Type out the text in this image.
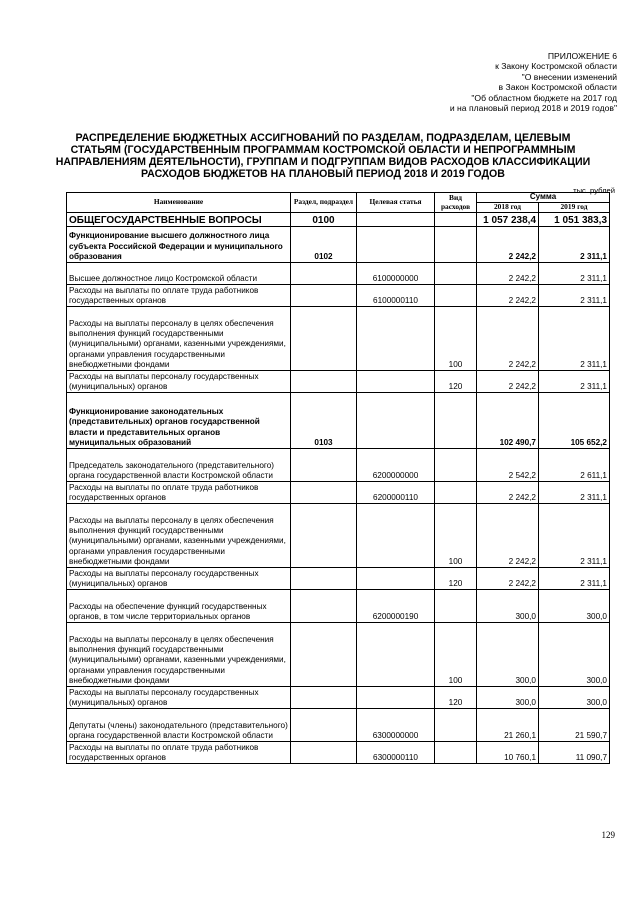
ПРИЛОЖЕНИЕ 6
к Закону Костромской области
"О внесении изменений
в Закон Костромской области
"Об областном бюджете на 2017 год
и на плановый период 2018 и 2019 годов"
РАСПРЕДЕЛЕНИЕ БЮДЖЕТНЫХ АССИГНОВАНИЙ ПО РАЗДЕЛАМ, ПОДРАЗДЕЛАМ, ЦЕЛЕВЫМ СТАТЬЯМ (ГОСУДАРСТВЕННЫМ ПРОГРАММАМ КОСТРОМСКОЙ ОБЛАСТИ И НЕПРОГРАММНЫМ НАПРАВЛЕНИЯМ ДЕЯТЕЛЬНОСТИ), ГРУППАМ И ПОДГРУППАМ ВИДОВ РАСХОДОВ КЛАССИФИКАЦИИ РАСХОДОВ БЮДЖЕТОВ НА ПЛАНОВЫЙ ПЕРИОД 2018 И 2019 ГОДОВ
тыс. рублей
Наименование	Раздел, подраздел	Целевая статья	Вид расходов	Сумма	
				2018 год	2019 год
ОБЩЕГОСУДАРСТВЕННЫЕ ВОПРОСЫ	0100			1 057 238,4	1 051 383,3
Функционирование высшего должностного лица субъекта Российской Федерации и муниципального образования	0102			2 242,2	2 311,1
Высшее должностное лицо Костромской области		6100000000		2 242,2	2 311,1
Расходы на выплаты по оплате труда работников государственных органов		6100000110		2 242,2	2 311,1
Расходы на выплаты персоналу в целях обеспечения выполнения функций государственными (муниципальными) органами, казенными учреждениями, органами управления государственными внебюджетными фондами			100	2 242,2	2 311,1
Расходы на выплаты персоналу государственных (муниципальных) органов			120	2 242,2	2 311,1
Функционирование законодательных (представительных) органов государственной власти и представительных органов муниципальных образований	0103			102 490,7	105 652,2
Председатель законодательного (представительного) органа государственной власти Костромской области		6200000000		2 542,2	2 611,1
Расходы на выплаты по оплате труда работников государственных органов		6200000110		2 242,2	2 311,1
Расходы на выплаты персоналу в целях обеспечения выполнения функций государственными (муниципальными) органами, казенными учреждениями, органами управления государственными внебюджетными фондами			100	2 242,2	2 311,1
Расходы на выплаты персоналу государственных (муниципальных) органов			120	2 242,2	2 311,1
Расходы на обеспечение функций государственных органов, в том числе территориальных органов		6200000190		300,0	300,0
Расходы на выплаты персоналу в целях обеспечения выполнения функций государственными (муниципальными) органами, казенными учреждениями, органами управления государственными внебюджетными фондами			100	300,0	300,0
Расходы на выплаты персоналу государственных (муниципальных) органов			120	300,0	300,0
Депутаты (члены) законодательного (представительного) органа государственной власти Костромской области		6300000000		21 260,1	21 590,7
Расходы на выплаты по оплате труда работников государственных органов		6300000110		10 760,1	11 090,7
129
